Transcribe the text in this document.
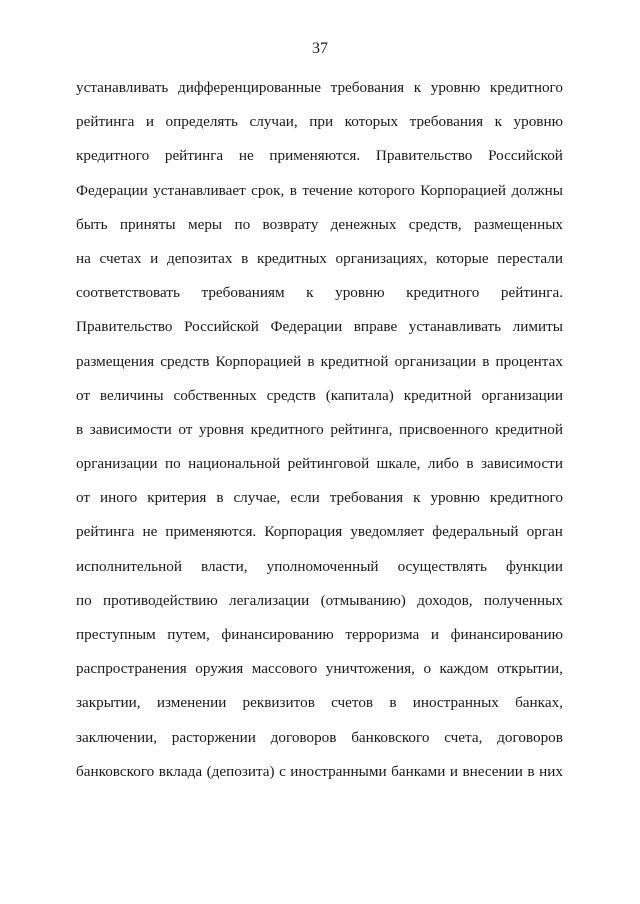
37
устанавливать дифференцированные требования к уровню кредитного
рейтинга и определять случаи, при которых требования к уровню
кредитного рейтинга не применяются. Правительство Российской
Федерации устанавливает срок, в течение которого Корпорацией должны
быть приняты меры по возврату денежных средств, размещенных
на счетах и депозитах в кредитных организациях, которые перестали
соответствовать требованиям к уровню кредитного рейтинга.
Правительство Российской Федерации вправе устанавливать лимиты
размещения средств Корпорацией в кредитной организации в процентах
от величины собственных средств (капитала) кредитной организации
в зависимости от уровня кредитного рейтинга, присвоенного кредитной
организации по национальной рейтинговой шкале, либо в зависимости
от иного критерия в случае, если требования к уровню кредитного
рейтинга не применяются. Корпорация уведомляет федеральный орган
исполнительной власти, уполномоченный осуществлять функции
по противодействию легализации (отмыванию) доходов, полученных
преступным путем, финансированию терроризма и финансированию
распространения оружия массового уничтожения, о каждом открытии,
закрытии, изменении реквизитов счетов в иностранных банках,
заключении, расторжении договоров банковского счета, договоров
банковского вклада (депозита) с иностранными банками и внесении в них
